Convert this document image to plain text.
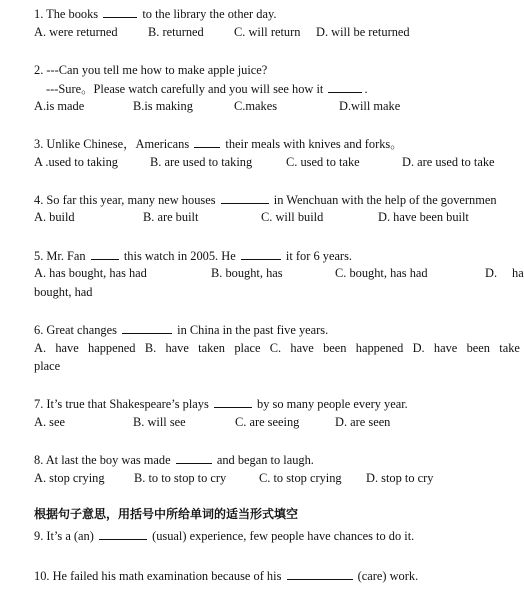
1. The books	to the library the other day.
A. were returned B. returned C. will return D. will be returned
2. ---Can you tell me how to make apple juice?
---Sure。Please watch carefully and you will see how it	.
A.is made	B.is making	C.makes	D.will make
3. Unlike Chinese，Americans	their meals with knives and forks。
A .used to taking	B. are used to taking	C. used to take	D. are used to take
4. So far this year, many new houses	in Wenchuan with the help of the governmen
A. build	B. are built	C. will build	D. have been built
5. Mr. Fan	this watch in 2005. He	it for 6 years.
A. has bought, has had	B. bought, has	C. bought, has had	D. ha
bought, had
6. Great changes	in China in the past five years.
A. have happened B. have taken place C. have been happened D. have been take
place
7. It’s true that Shakespeare’s plays	by so many people every year.
A. see	B. will see	C. are seeing	D. are seen
8. At last the boy was made	and began to laugh.
A. stop crying B. to to stop to cry	C. to stop crying D. stop to cry
根据句子意思，用括号中所给单词的适当形式填空
9. It’s a (an)	(usual) experience, few people have chances to do it.
10. He failed his math examination because of his	(care) work.
